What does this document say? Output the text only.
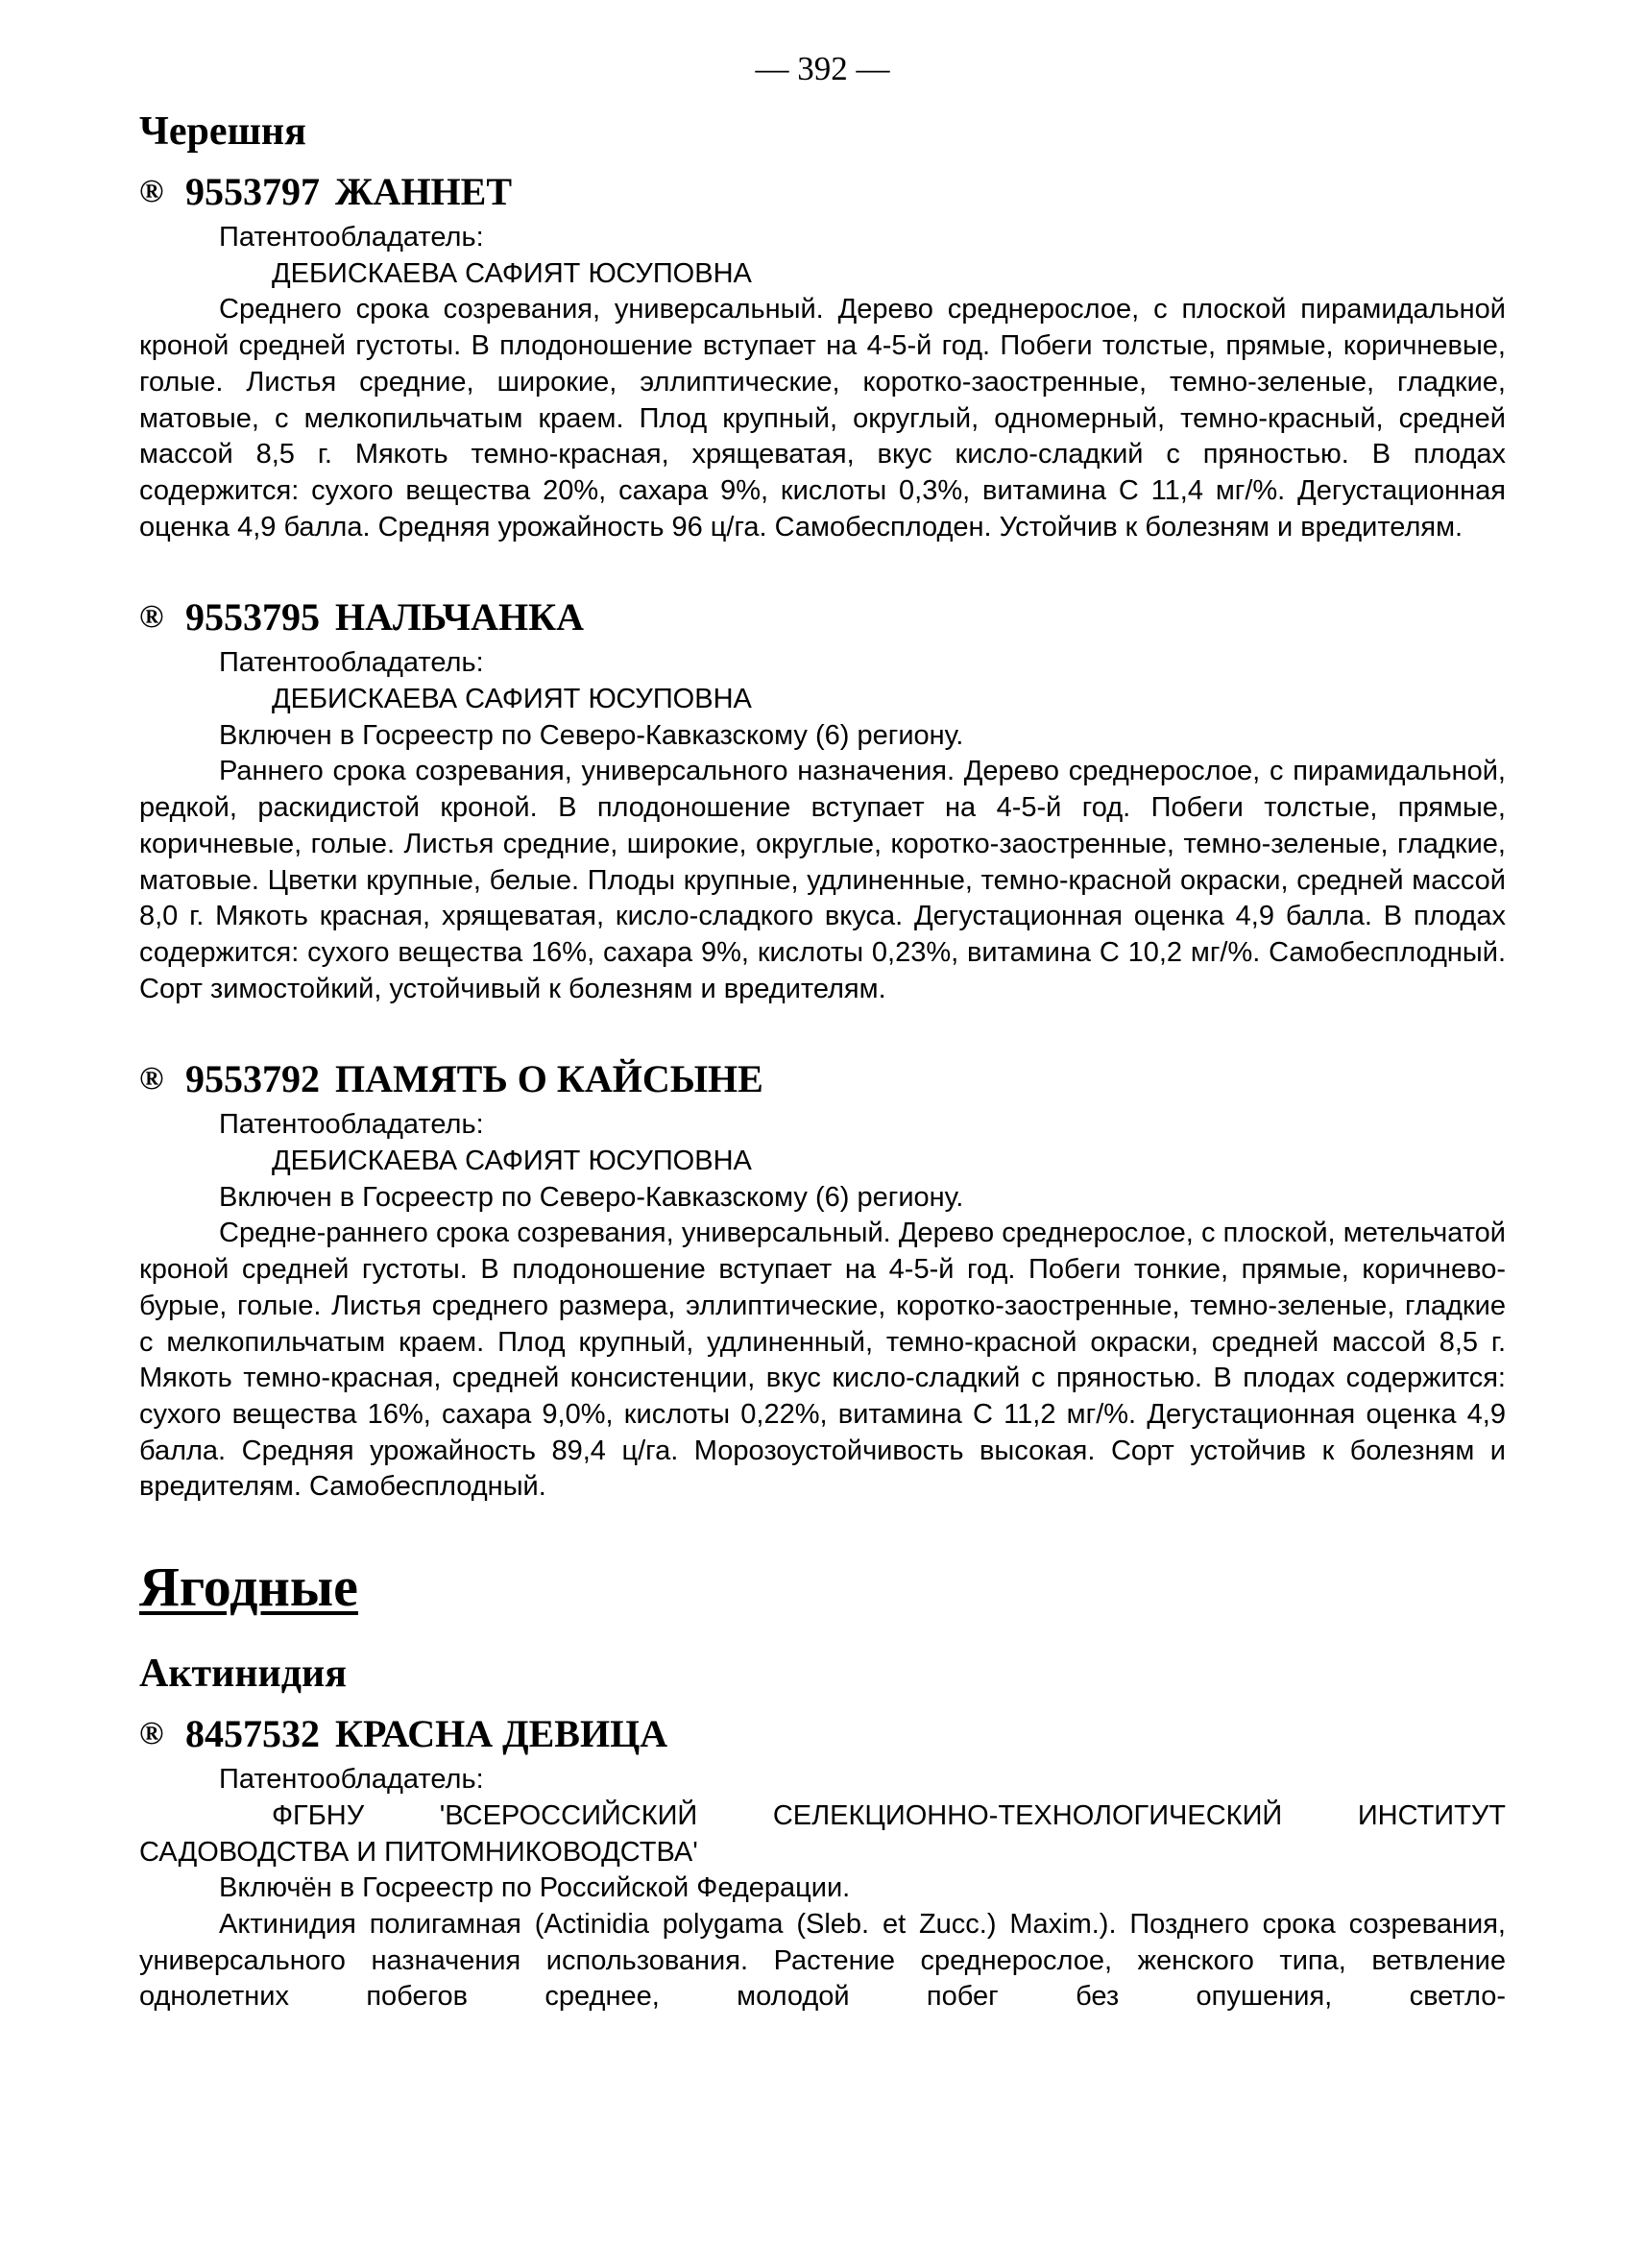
— 392 —
Черешня
® 9553797 ЖАННЕТ

Патентообладатель:

ДЕБИСКАЕВА САФИЯТ ЮСУПОВНА

Среднего срока созревания, универсальный. Дерево среднерослое, с плоской пирамидальной кроной средней густоты. В плодоношение вступает на 4-5-й год. Побеги толстые, прямые, коричневые, голые. Листья средние, широкие, эллиптические, коротко-заостренные, темно-зеленые, гладкие, матовые, с мелкопильчатым краем. Плод крупный, округлый, одномерный, темно-красный, средней массой 8,5 г. Мякоть темно-красная, хрящеватая, вкус кисло-сладкий с пряностью. В плодах содержится: сухого вещества 20%, сахара 9%, кислоты 0,3%, витамина С 11,4 мг/%. Дегустационная оценка 4,9 балла. Средняя урожайность 96 ц/га. Самобесплоден. Устойчив к болезням и вредителям.

® 9553795 НАЛЬЧАНКА

Патентообладатель:

ДЕБИСКАЕВА САФИЯТ ЮСУПОВНА

Включен в Госреестр по Северо-Кавказскому (6) региону.

Раннего срока созревания, универсального назначения. Дерево среднерослое, с пирамидальной, редкой, раскидистой кроной. В плодоношение вступает на 4-5-й год. Побеги толстые, прямые, коричневые, голые. Листья средние, широкие, округлые, коротко-заостренные, темно-зеленые, гладкие, матовые. Цветки крупные, белые. Плоды крупные, удлиненные, темно-красной окраски, средней массой 8,0 г. Мякоть красная, хрящеватая, кисло-сладкого вкуса. Дегустационная оценка 4,9 балла. В плодах содержится: сухого вещества 16%, сахара 9%, кислоты 0,23%, витамина С 10,2 мг/%. Самобесплодный. Сорт зимостойкий, устойчивый к болезням и вредителям.

® 9553792 ПАМЯТЬ О КАЙСЫНЕ

Патентообладатель:

ДЕБИСКАЕВА САФИЯТ ЮСУПОВНА

Включен в Госреестр по Северо-Кавказскому (6) региону.

Средне-раннего срока созревания, универсальный. Дерево среднерослое, с плоской, метельчатой кроной средней густоты. В плодоношение вступает на 4-5-й год. Побеги тонкие, прямые, коричнево-бурые, голые. Листья среднего размера, эллиптические, коротко-заостренные, темно-зеленые, гладкие с мелкопильчатым краем. Плод крупный, удлиненный, темно-красной окраски, средней массой 8,5 г. Мякоть темно-красная, средней консистенции, вкус кисло-сладкий с пряностью. В плодах содержится: сухого вещества 16%, сахара 9,0%, кислоты 0,22%, витамина С 11,2 мг/%. Дегустационная оценка 4,9 балла. Средняя урожайность 89,4 ц/га. Морозоустойчивость высокая. Сорт устойчив к болезням и вредителям. Самобесплодный.

Ягодные
Актинидия
® 8457532 КРАСНА ДЕВИЦА

Патентообладатель:

ФГБНУ 'ВСЕРОССИЙСКИЙ СЕЛЕКЦИОННО-ТЕХНОЛОГИЧЕСКИЙ ИНСТИТУТ САДОВОДСТВА И ПИТОМНИКОВОДСТВА'

Включён в Госреестр по Российской Федерации.

Актинидия полигамная (Actinidia polygama (Sleb. et Zucc.) Maxim.). Позднего срока созревания, универсального назначения использования. Растение среднерослое, женского типа, ветвление однолетних побегов среднее, молодой побег без опушения, светло-
